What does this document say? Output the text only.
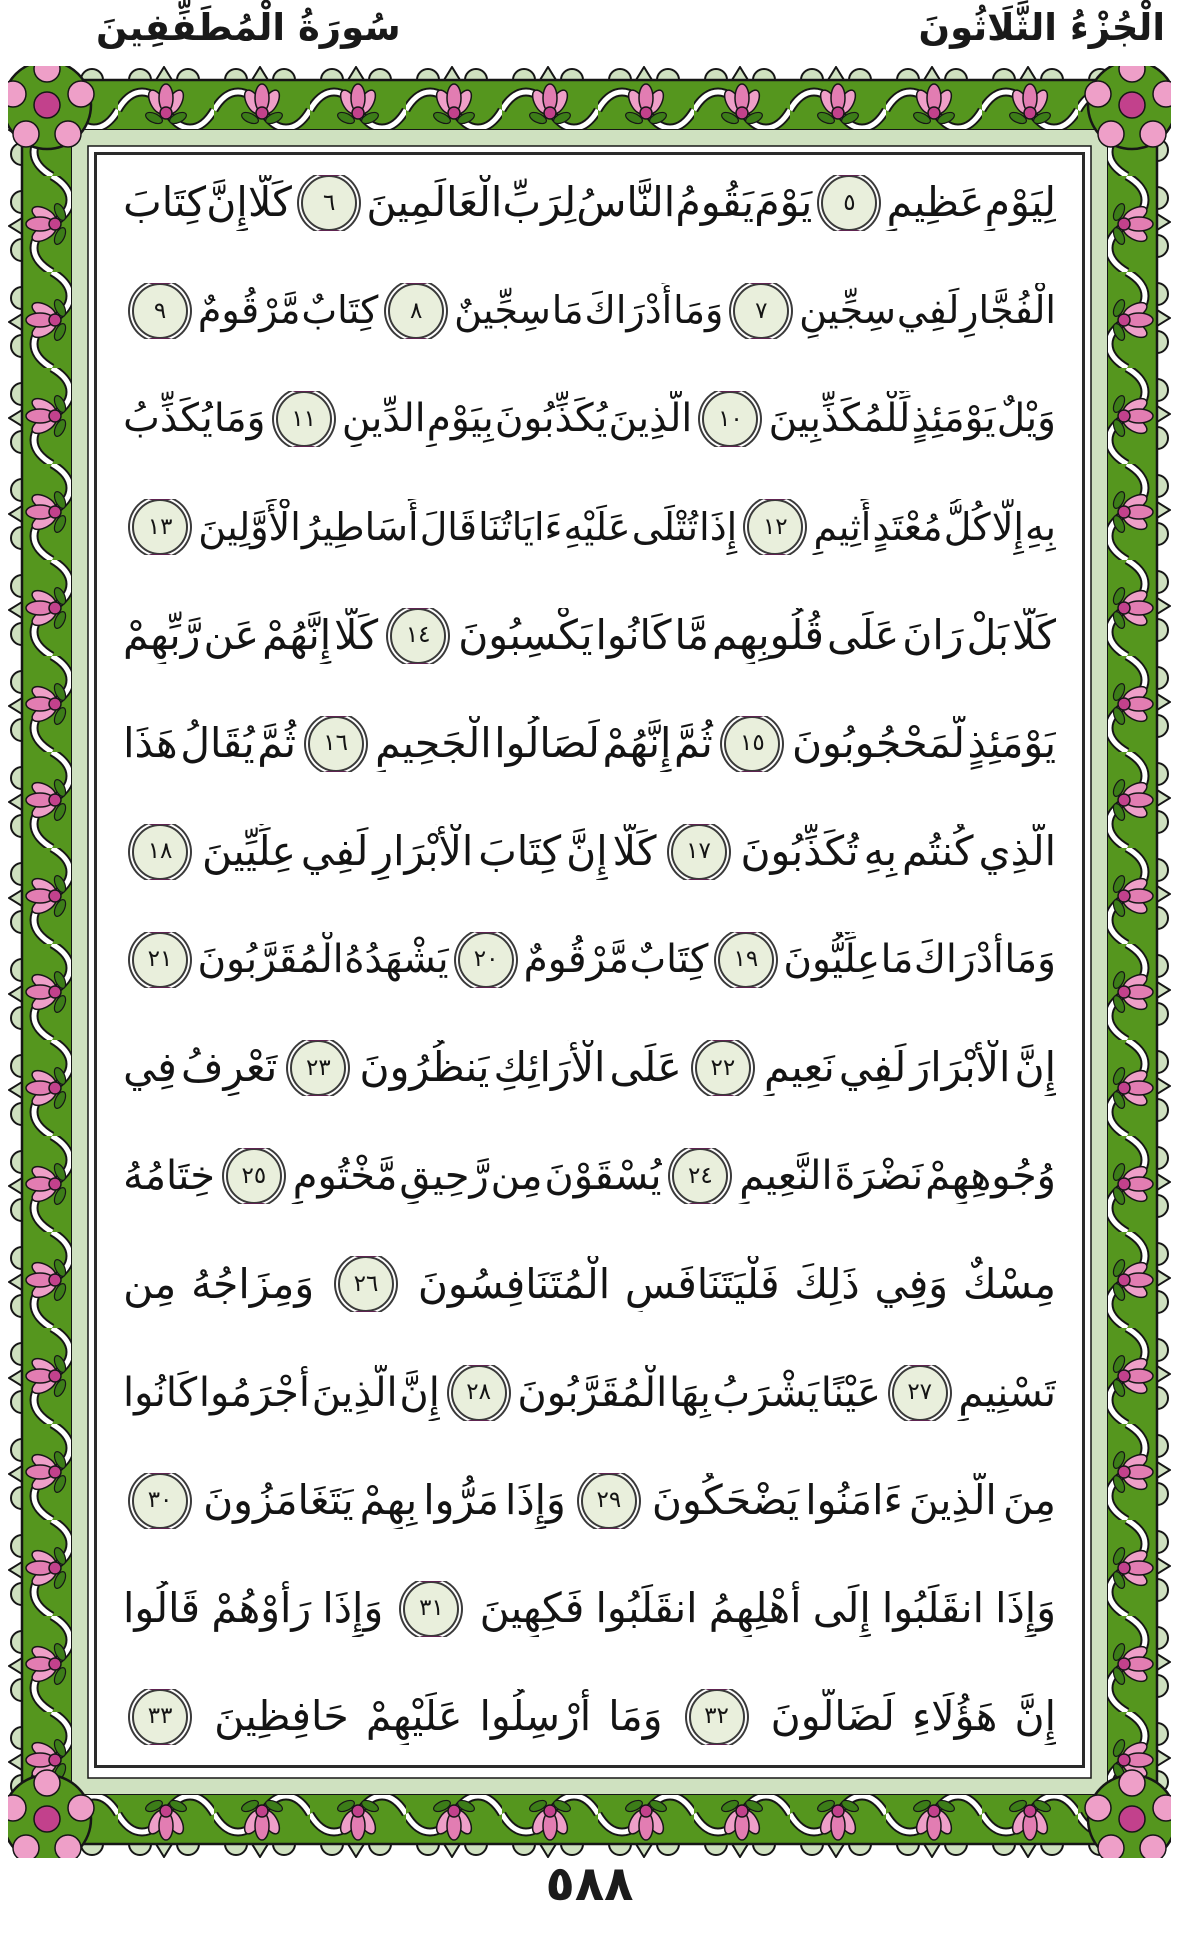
الْجُزْءُ الثَّلَاثُونَ
سُورَةُ الْمُطَفِّفِينَ
لِيَوْمٍ
عَظِيمٍ
٥
يَوْمَ
يَقُومُ
النَّاسُ
لِرَبِّ
الْعَالَمِينَ
٦
كَلَّا
إِنَّ
كِتَابَ
الْفُجَّارِ
لَفِي
سِجِّينٍ
٧
وَمَا
أَدْرَاكَ
مَا
سِجِّينٌ
٨
كِتَابٌ
مَّرْقُومٌ
٩
وَيْلٌ
يَوْمَئِذٍ
لِّلْمُكَذِّبِينَ
١٠
الَّذِينَ
يُكَذِّبُونَ
بِيَوْمِ
الدِّينِ
١١
وَمَا
يُكَذِّبُ
بِهِ
إِلَّا
كُلُّ
مُعْتَدٍ
أَثِيمٍ
١٢
إِذَا
تُتْلَى
عَلَيْهِ
ءَايَاتُنَا
قَالَ
أَسَاطِيرُ
الْأَوَّلِينَ
١٣
كَلَّا
بَلْ
رَانَ
عَلَى
قُلُوبِهِم
مَّا
كَانُوا
يَكْسِبُونَ
١٤
كَلَّا
إِنَّهُمْ
عَن
رَّبِّهِمْ
يَوْمَئِذٍ
لَّمَحْجُوبُونَ
١٥
ثُمَّ
إِنَّهُمْ
لَصَالُوا
الْجَحِيمِ
١٦
ثُمَّ
يُقَالُ
هَذَا
الَّذِي
كُنتُم
بِهِ
تُكَذِّبُونَ
١٧
كَلَّا
إِنَّ
كِتَابَ
الْأَبْرَارِ
لَفِي
عِلِّيِّينَ
١٨
وَمَا
أَدْرَاكَ
مَا
عِلِّيُّونَ
١٩
كِتَابٌ
مَّرْقُومٌ
٢٠
يَشْهَدُهُ
الْمُقَرَّبُونَ
٢١
إِنَّ
الْأَبْرَارَ
لَفِي
نَعِيمٍ
٢٢
عَلَى
الْأَرَائِكِ
يَنظُرُونَ
٢٣
تَعْرِفُ
فِي
وُجُوهِهِمْ
نَضْرَةَ
النَّعِيمِ
٢٤
يُسْقَوْنَ
مِن
رَّحِيقٍ
مَّخْتُومٍ
٢٥
خِتَامُهُ
مِسْكٌ
وَفِي
ذَلِكَ
فَلْيَتَنَافَسِ
الْمُتَنَافِسُونَ
٢٦
وَمِزَاجُهُ
مِن
تَسْنِيمٍ
٢٧
عَيْنًا
يَشْرَبُ
بِهَا
الْمُقَرَّبُونَ
٢٨
إِنَّ
الَّذِينَ
أَجْرَمُوا
كَانُوا
مِنَ
الَّذِينَ
ءَامَنُوا
يَضْحَكُونَ
٢٩
وَإِذَا
مَرُّوا
بِهِمْ
يَتَغَامَزُونَ
٣٠
وَإِذَا
انقَلَبُوا
إِلَى
أَهْلِهِمُ
انقَلَبُوا
فَكِهِينَ
٣١
وَإِذَا
رَأَوْهُمْ
قَالُوا
إِنَّ
هَؤُلَاءِ
لَضَالُّونَ
٣٢
وَمَا
أُرْسِلُوا
عَلَيْهِمْ
حَافِظِينَ
٣٣
٥٨٨
